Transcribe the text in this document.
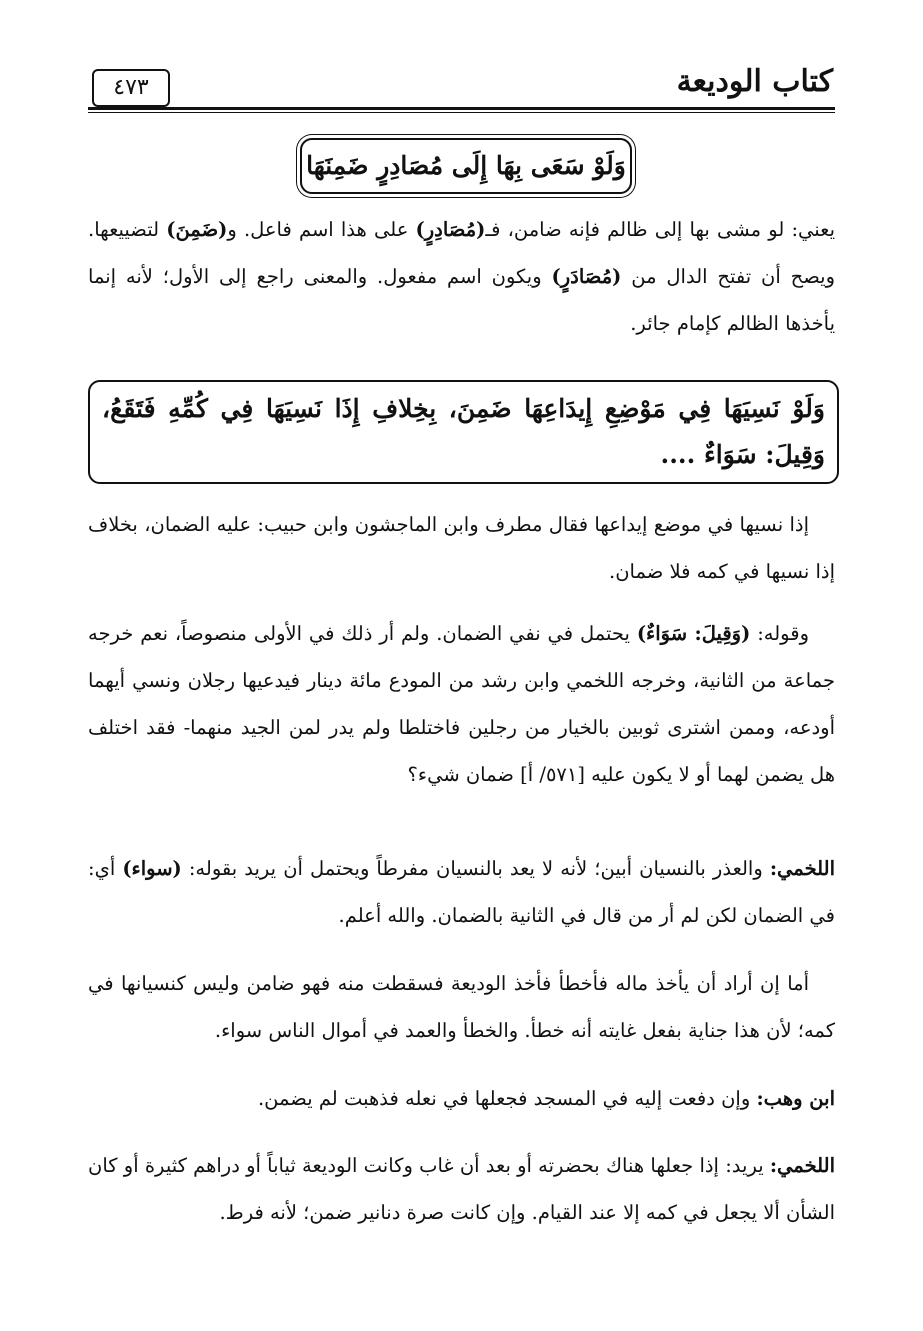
كتاب الوديعة
٤٧٣
وَلَوْ سَعَى بِهَا إِلَى مُصَادِرٍ ضَمِنَهَا
يعني: لو مشى بها إلى ظالم فإنه ضامن، فـ(مُصَادِرٍ) على هذا اسم فاعل. و(ضَمِنَ) لتضييعها. ويصح أن تفتح الدال من (مُصَادَرٍ) ويكون اسم مفعول. والمعنى راجع إلى الأول؛ لأنه إنما يأخذها الظالم كإمام جائر.
وَلَوْ نَسِيَهَا فِي مَوْضِعِ إِيدَاعِهَا ضَمِنَ، بِخِلافِ إِذَا نَسِيَهَا فِي كُمِّهِ فَتَقَعُ، وَقِيلَ: سَوَاءٌ ....
إذا نسيها في موضع إيداعها فقال مطرف وابن الماجشون وابن حبيب: عليه الضمان، بخلاف إذا نسيها في كمه فلا ضمان.
وقوله: (وَقِيلَ: سَوَاءٌ) يحتمل في نفي الضمان. ولم أر ذلك في الأولى منصوصاً، نعم خرجه جماعة من الثانية، وخرجه اللخمي وابن رشد من المودع مائة دينار فيدعيها رجلان ونسي أيهما أودعه، وممن اشترى ثوبين بالخيار من رجلين فاختلطا ولم يدر لمن الجيد منهما- فقد اختلف هل يضمن لهما أو لا يكون عليه [٥٧١/ أ] ضمان شيء؟
اللخمي: والعذر بالنسيان أبين؛ لأنه لا يعد بالنسيان مفرطاً ويحتمل أن يريد بقوله: (سواء) أي: في الضمان لكن لم أر من قال في الثانية بالضمان. والله أعلم.
أما إن أراد أن يأخذ ماله فأخطأ فأخذ الوديعة فسقطت منه فهو ضامن وليس كنسيانها في كمه؛ لأن هذا جناية بفعل غايته أنه خطأ. والخطأ والعمد في أموال الناس سواء.
ابن وهب: وإن دفعت إليه في المسجد فجعلها في نعله فذهبت لم يضمن.
اللخمي: يريد: إذا جعلها هناك بحضرته أو بعد أن غاب وكانت الوديعة ثياباً أو دراهم كثيرة أو كان الشأن ألا يجعل في كمه إلا عند القيام. وإن كانت صرة دنانير ضمن؛ لأنه فرط.
